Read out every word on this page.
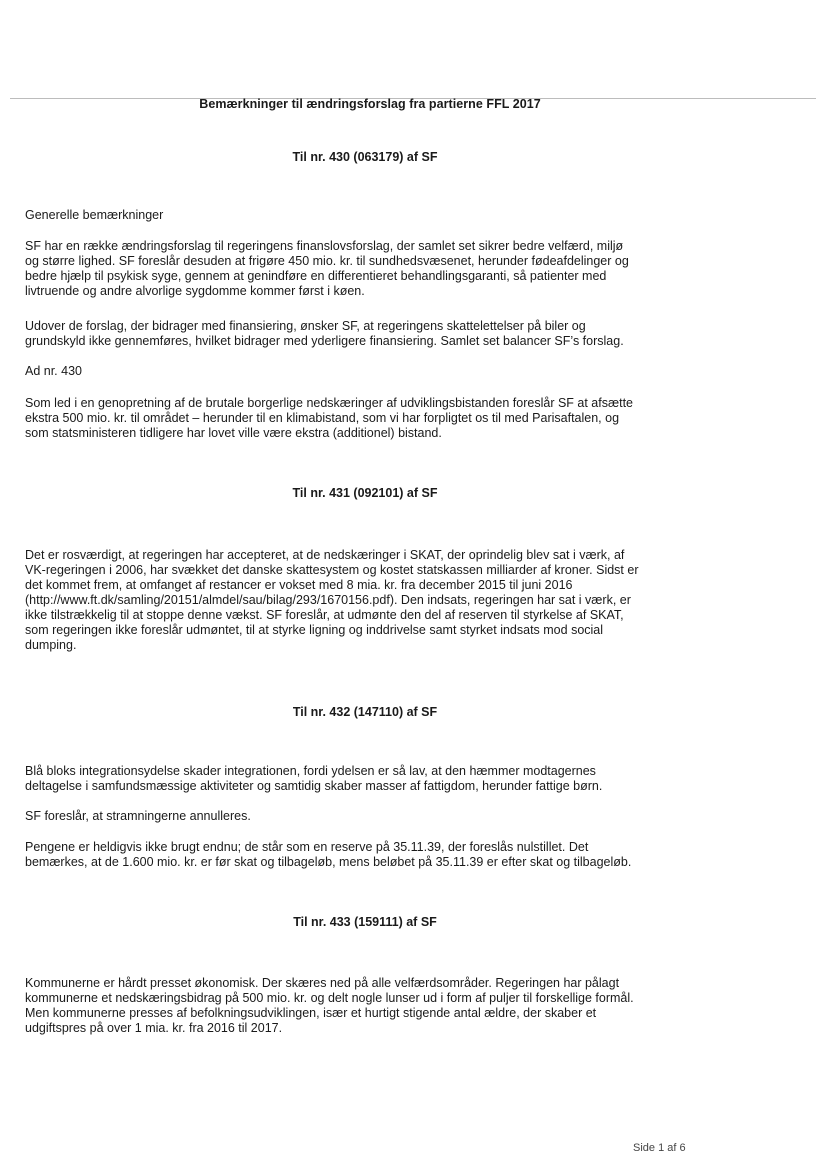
Bemærkninger til ændringsforslag fra partierne FFL 2017
Til nr. 430 (063179) af SF

Generelle bemærkninger

SF har en række ændringsforslag til regeringens finanslovsforslag, der samlet set sikrer bedre velfærd, miljø
og større lighed. SF foreslår desuden at frigøre 450 mio. kr. til sundhedsvæsenet, herunder fødeafdelinger og
bedre hjælp til psykisk syge, gennem at genindføre en differentieret behandlingsgaranti, så patienter med
livtruende og andre alvorlige sygdomme kommer først i køen.

Udover de forslag, der bidrager med finansiering, ønsker SF, at regeringens skattelettelser på biler og
grundskyld ikke gennemføres, hvilket bidrager med yderligere finansiering. Samlet set balancer SF’s forslag.

Ad nr. 430

Som led i en genopretning af de brutale borgerlige nedskæringer af udviklingsbistanden foreslår SF at afsætte
ekstra 500 mio. kr. til området – herunder til en klimabistand, som vi har forpligtet os til med Parisaftalen, og
som statsministeren tidligere har lovet ville være ekstra (additionel) bistand.

Til nr. 431 (092101) af SF

Det er rosværdigt, at regeringen har accepteret, at de nedskæringer i SKAT, der oprindelig blev sat i værk, af
VK-regeringen i 2006, har svækket det danske skattesystem og kostet statskassen milliarder af kroner. Sidst er
det kommet frem, at omfanget af restancer er vokset med 8 mia. kr. fra december 2015 til juni 2016
(http://www.ft.dk/samling/20151/almdel/sau/bilag/293/1670156.pdf). Den indsats, regeringen har sat i værk, er
ikke tilstrækkelig til at stoppe denne vækst. SF foreslår, at udmønte den del af reserven til styrkelse af SKAT,
som regeringen ikke foreslår udmøntet, til at styrke ligning og inddrivelse samt styrket indsats mod social
dumping.

Til nr. 432 (147110) af SF

Blå bloks integrationsydelse skader integrationen, fordi ydelsen er så lav, at den hæmmer modtagernes
deltagelse i samfundsmæssige aktiviteter og samtidig skaber masser af fattigdom, herunder fattige børn.

SF foreslår, at stramningerne annulleres.

Pengene er heldigvis ikke brugt endnu; de står som en reserve på 35.11.39, der foreslås nulstillet. Det
bemærkes, at de 1.600 mio. kr. er før skat og tilbageløb, mens beløbet på 35.11.39 er efter skat og tilbageløb.

Til nr. 433 (159111) af SF

Kommunerne er hårdt presset økonomisk. Der skæres ned på alle velfærdsområder. Regeringen har pålagt
kommunerne et nedskæringsbidrag på 500 mio. kr. og delt nogle lunser ud i form af puljer til forskellige formål.
Men kommunerne presses af befolkningsudviklingen, især et hurtigt stigende antal ældre, der skaber et
udgiftspres på over 1 mia. kr. fra 2016 til 2017.

Side 1 af 6
